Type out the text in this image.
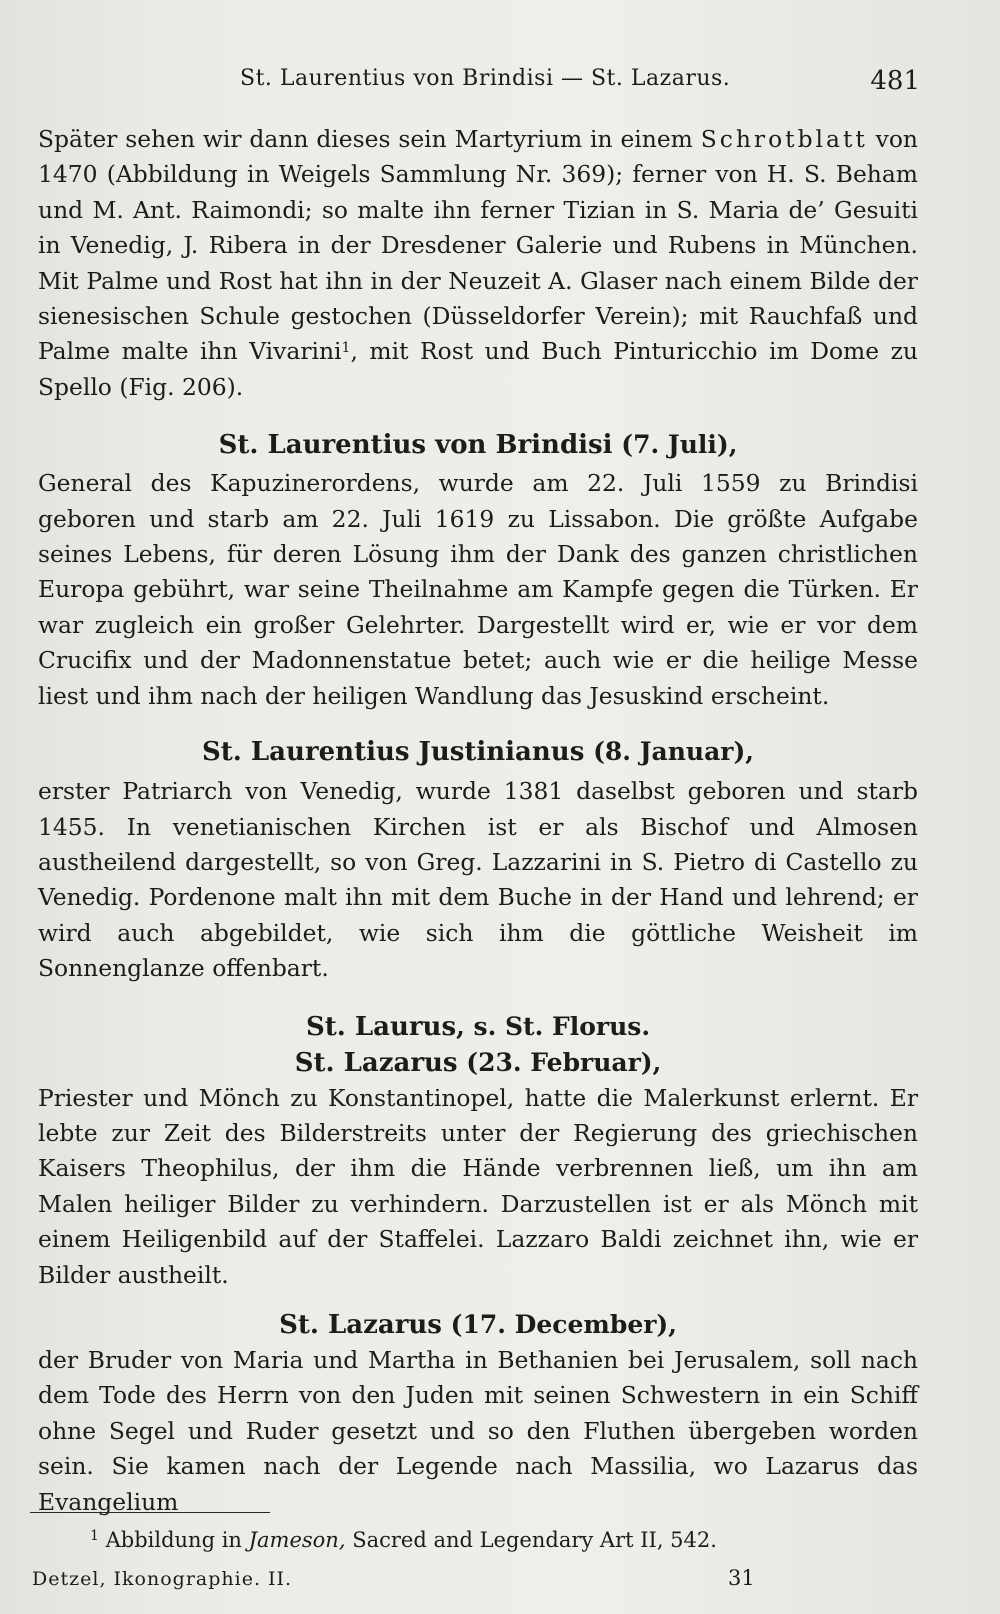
St. Laurentius von Brindisi — St. Lazarus.	481

Später sehen wir dann dieses sein Martyrium in einem Schrotblatt von 1470 (Abbildung in Weigels Sammlung Nr. 369); ferner von H. S. Beham und M. Ant. Raimondi; so malte ihn ferner Tizian in S. Maria de’ Gesuiti in Venedig, J. Ribera in der Dresdener Galerie und Rubens in München. Mit Palme und Rost hat ihn in der Neuzeit A. Glaser nach einem Bilde der sienesischen Schule gestochen (Düsseldorfer Verein); mit Rauchfaß und Palme malte ihn Vivarini$^1$, mit Rost und Buch Pinturicchio im Dome zu Spello (Fig. 206).

St. Laurentius von Brindisi (7. Juli),

General des Kapuzinerordens, wurde am 22. Juli 1559 zu Brindisi geboren und starb am 22. Juli 1619 zu Lissabon. Die größte Aufgabe seines Lebens, für deren Lösung ihm der Dank des ganzen christlichen Europa gebührt, war seine Theilnahme am Kampfe gegen die Türken. Er war zugleich ein großer Gelehrter. Dargestellt wird er, wie er vor dem Crucifix und der Madonnenstatue betet; auch wie er die heilige Messe liest und ihm nach der heiligen Wandlung das Jesuskind erscheint.

St. Laurentius Justinianus (8. Januar),

erster Patriarch von Venedig, wurde 1381 daselbst geboren und starb 1455. In venetianischen Kirchen ist er als Bischof und Almosen austheilend dargestellt, so von Greg. Lazzarini in S. Pietro di Castello zu Venedig. Pordenone malt ihn mit dem Buche in der Hand und lehrend; er wird auch abgebildet, wie sich ihm die göttliche Weisheit im Sonnenglanze offenbart.

St. Laurus, s. St. Florus.
St. Lazarus (23. Februar),

Priester und Mönch zu Konstantinopel, hatte die Malerkunst erlernt. Er lebte zur Zeit des Bilderstreits unter der Regierung des griechischen Kaisers Theophilus, der ihm die Hände verbrennen ließ, um ihn am Malen heiliger Bilder zu verhindern. Darzustellen ist er als Mönch mit einem Heiligenbild auf der Staffelei. Lazzaro Baldi zeichnet ihn, wie er Bilder austheilt.

St. Lazarus (17. December),

der Bruder von Maria und Martha in Bethanien bei Jerusalem, soll nach dem Tode des Herrn von den Juden mit seinen Schwestern in ein Schiff ohne Segel und Ruder gesetzt und so den Fluthen übergeben worden sein. Sie kamen nach der Legende nach Massilia, wo Lazarus das Evangelium

$^1$ Abbildung in Jameson, Sacred and Legendary Art II, 542.
Detzel, Ikonographie. II.	31
